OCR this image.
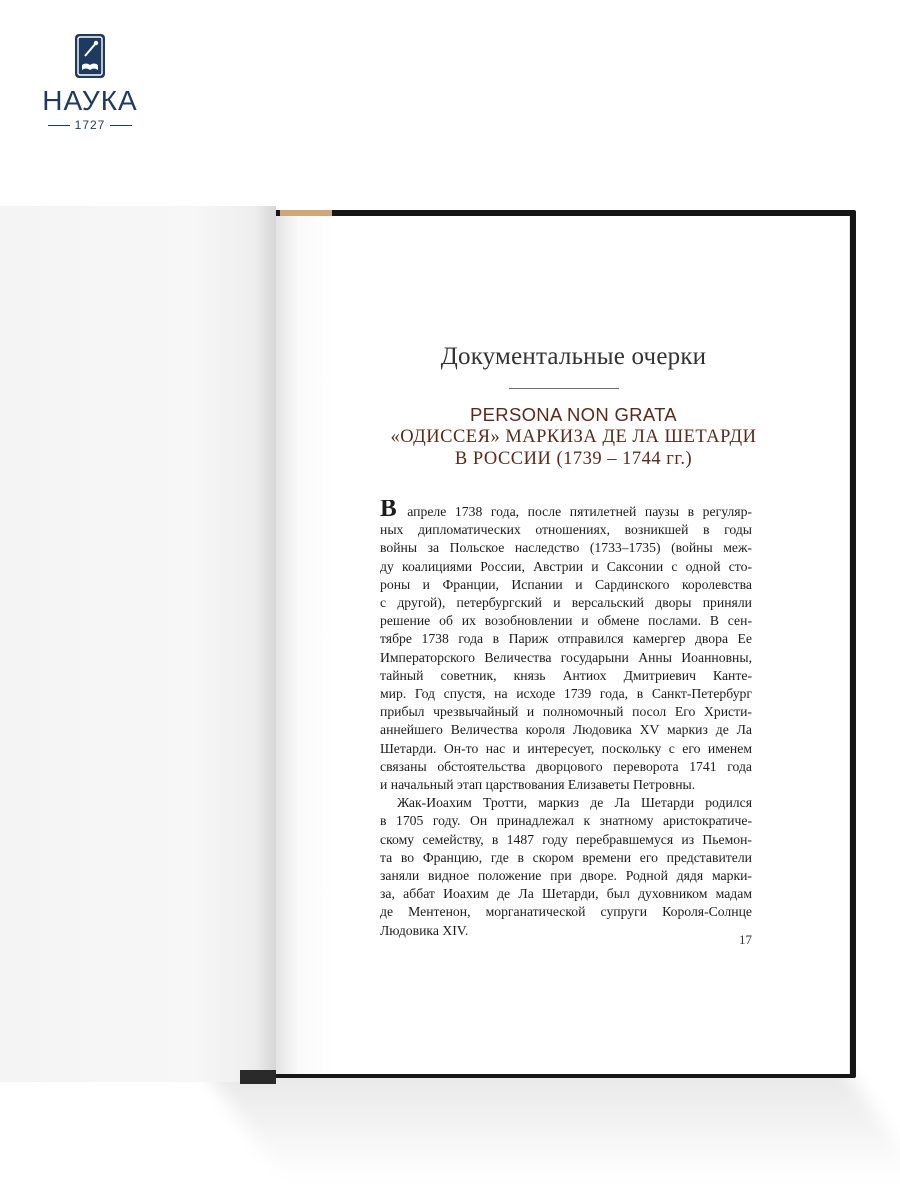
НАУКА
1727
Документальные очерки
PERSONA NON GRATA
«ОДИССЕЯ» МАРКИЗА ДЕ ЛА ШЕТАРДИ
В РОССИИ (1739 – 1744 гг.)
В апреле 1738 года, после пятилетней паузы в регуляр-
ных дипломатических отношениях, возникшей в годы
войны за Польское наследство (1733–1735) (войны меж-
ду коалициями России, Австрии и Саксонии с одной сто-
роны и Франции, Испании и Сардинского королевства
с другой), петербургский и версальский дворы приняли
решение об их возобновлении и обмене послами. В сен-
тябре 1738 года в Париж отправился камергер двора Ее
Императорского Величества государыни Анны Иоанновны,
тайный советник, князь Антиох Дмитриевич Канте-
мир. Год спустя, на исходе 1739 года, в Санкт-Петербург
прибыл чрезвычайный и полномочный посол Его Христи-
аннейшего Величества короля Людовика XV маркиз де Ла
Шетарди. Он-то нас и интересует, поскольку с его именем
связаны обстоятельства дворцового переворота 1741 года
и начальный этап царствования Елизаветы Петровны.
Жак-Иоахим Тротти, маркиз де Ла Шетарди родился
в 1705 году. Он принадлежал к знатному аристократиче-
скому семейству, в 1487 году перебравшемуся из Пьемон-
та во Францию, где в скором времени его представители
заняли видное положение при дворе. Родной дядя марки-
за, аббат Иоахим де Ла Шетарди, был духовником мадам
де Ментенон, морганатической супруги Короля-Солнце
Людовика XIV.
17
